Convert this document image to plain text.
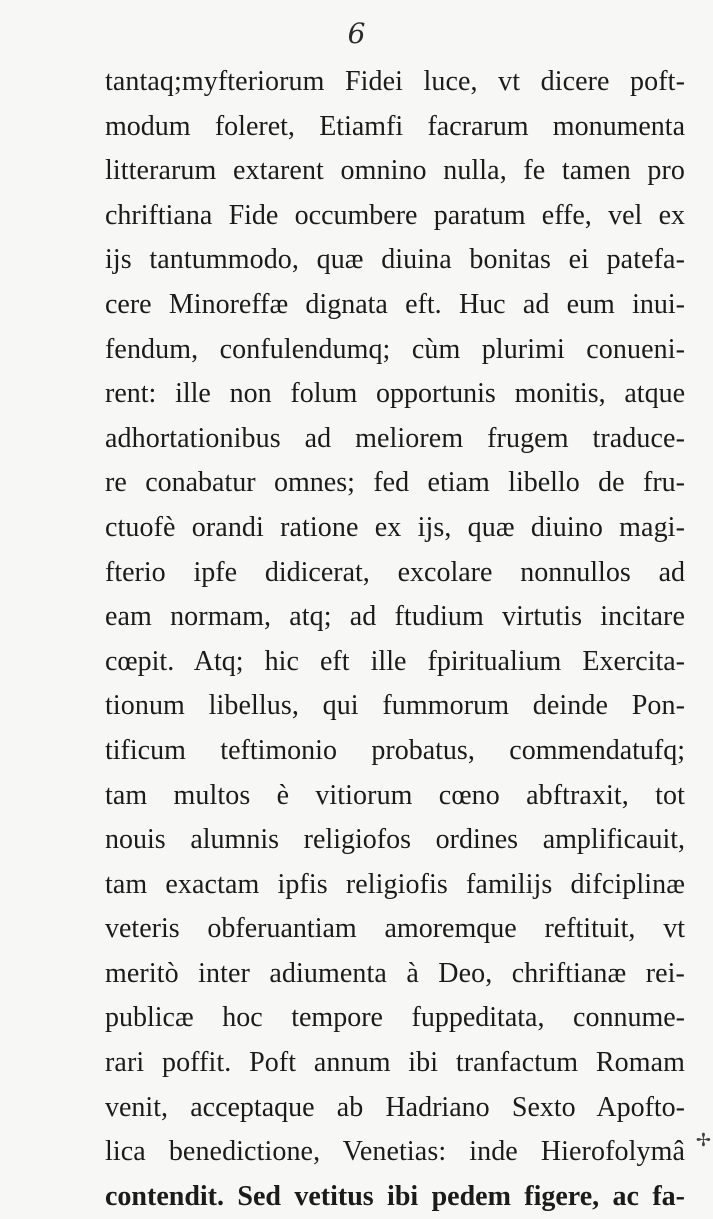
6
tantaq;myfteriorum Fidei luce, vt dicere poft-
modum foleret, Etiamfi facrarum monumenta
litterarum extarent omnino nulla, fe tamen pro
chriftiana Fide occumbere paratum effe, vel ex
ijs tantummodo, quæ diuina bonitas ei patefa-
cere Minoreffæ dignata eft. Huc ad eum inui-
fendum, confulendumq; cùm plurimi conueni-
rent: ille non folum opportunis monitis, atque
adhortationibus ad meliorem frugem traduce-
re conabatur omnes; fed etiam libello de fru-
ctuofè orandi ratione ex ijs, quæ diuino magi-
fterio ipfe didicerat, excolare nonnullos ad
eam normam, atq; ad ftudium virtutis incitare
cœpit. Atq; hic eft ille fpiritualium Exercita-
tionum libellus, qui fummorum deinde Pon-
tificum teftimonio probatus, commendatufq;
tam multos è vitiorum cœno abftraxit, tot
nouis alumnis religiofos ordines amplificauit,
tam exactam ipfis religiofis familijs difciplinæ
veteris obferuantiam amoremque reftituit, vt
meritò inter adiumenta à Deo, chriftianæ rei-
publicæ hoc tempore fuppeditata, connume-
rari poffit. Poft annum ibi tranfactum Romam
venit, acceptaque ab Hadriano Sexto Apofto-
lica benedictione, Venetias: inde Hierofolymâ
contendit. Sed vetitus ibi pedem figere, ac fa-
✢
